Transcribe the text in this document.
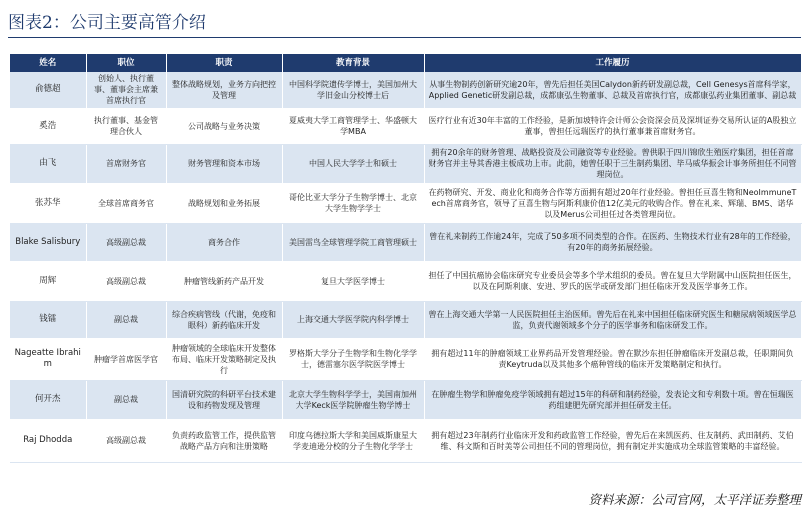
图表2：公司主要高管介绍
姓名	职位	职责	教育背景	工作履历
俞德超	创始人、执行董事、董事会主席兼首席执行官	整体战略规划，业务方向把控及管理	中国科学院遗传学博士，美国加州大学旧金山分校博士后	从事生物制药创新研究逾20年，曾先后担任美国Calydon新药研发副总裁，Cell Genesys首席科学家，Applied Genetic研发副总裁，成都康弘生物董事、总裁及首席执行官，成都康弘药业集团董事、副总裁
奚浩	执行董事、基金管理合伙人	公司战略与业务决策	夏威夷大学工商管理学士、华盛顿大学MBA	医疗行业有近30年丰富的工作经验，是新加坡特许会计师公会资深会员及深圳证券交易所认证的A股独立董事，曾担任远瑞医疗的执行董事兼首席财务官。
由飞	首席财务官	财务管理和资本市场	中国人民大学学士和硕士	拥有20余年的财务管理、战略投资及公司融资等专业经验。曾供职于四川锦欣生殖医疗集团，担任首席财务官并主导其香港主板成功上市。此前，她曾任职于三生制药集团、毕马威华振会计事务所担任不同管理岗位。
张苏华	全球首席商务官	战略规划和业务拓展	哥伦比亚大学分子生物学博士、北京大学生物学学士	在药物研究、开发、商业化和商务合作等方面拥有超过20年行业经验。曾担任亘喜生物和NeoImmuneTech首席商务官，领导了亘喜生物与阿斯利康价值12亿美元的收购合作。曾在礼来、辉瑞、BMS、诺华以及Merus公司担任过各类管理岗位。
Blake Salisbury	高级副总裁	商务合作	美国雷鸟全球管理学院工商管理硕士	曾在礼来制药工作逾24年，完成了50多项不同类型的合作。在医药、生物技术行业有28年的工作经验，有20年的商务拓展经验。
周辉	高级副总裁	肿瘤管线新药产品开发	复旦大学医学博士	担任了中国抗癌协会临床研究专业委员会等多个学术组织的委员。曾在复旦大学附属中山医院担任医生，以及在阿斯利康、安进、罗氏的医学或研发部门担任临床开发及医学事务工作。
钱镭	副总裁	综合疾病管线（代谢，免疫和眼科）新药临床开发	上海交通大学医学院内科学博士	曾在上海交通大学第一人民医院担任主治医师。曾先后在礼来中国担任临床研究医生和糖尿病领域医学总监，负责代谢领域多个分子的医学事务和临床研发工作。
Nageatte Ibrahim	肿瘤学首席医学官	肿瘤领域的全球临床开发整体布局、临床开发策略制定及执行	罗格斯大学分子生物学和生物化学学士，德雷塞尔医学院医学博士	拥有超过11年的肿瘤领域工业界药品开发管理经验。曾在默沙东担任肿瘤临床开发副总裁，任职期间负责Keytruda以及其他多个癌种管线的临床开发策略制定和执行。
何开杰	副总裁	国清研究院的科研平台技术建设和药物发现及管理	北京大学生物科学学士，美国南加州大学Keck医学院肿瘤生物学博士	在肿瘤生物学和肿瘤免疫学领域拥有超过15年的科研和制药经验，发表论文和专利数十项。曾在恒瑞医药组建肥先研究部并担任研发主任。
Raj Dhodda	高级副总裁	负责药政监管工作，提供监管战略产品方向和注册策略	印度乌德拉斯大学和美国威斯康星大学麦迪逊分校的分子生物化学学士	拥有超过23年制药行业临床开发和药政监管工作经验，曾先后在来凯医药、住友制药、武田制药、艾伯维、科文斯和百时美等公司担任不同的管理岗位，拥有制定并实施成功全球监管策略的丰富经验。
资料来源：公司官网，太平洋证券整理
